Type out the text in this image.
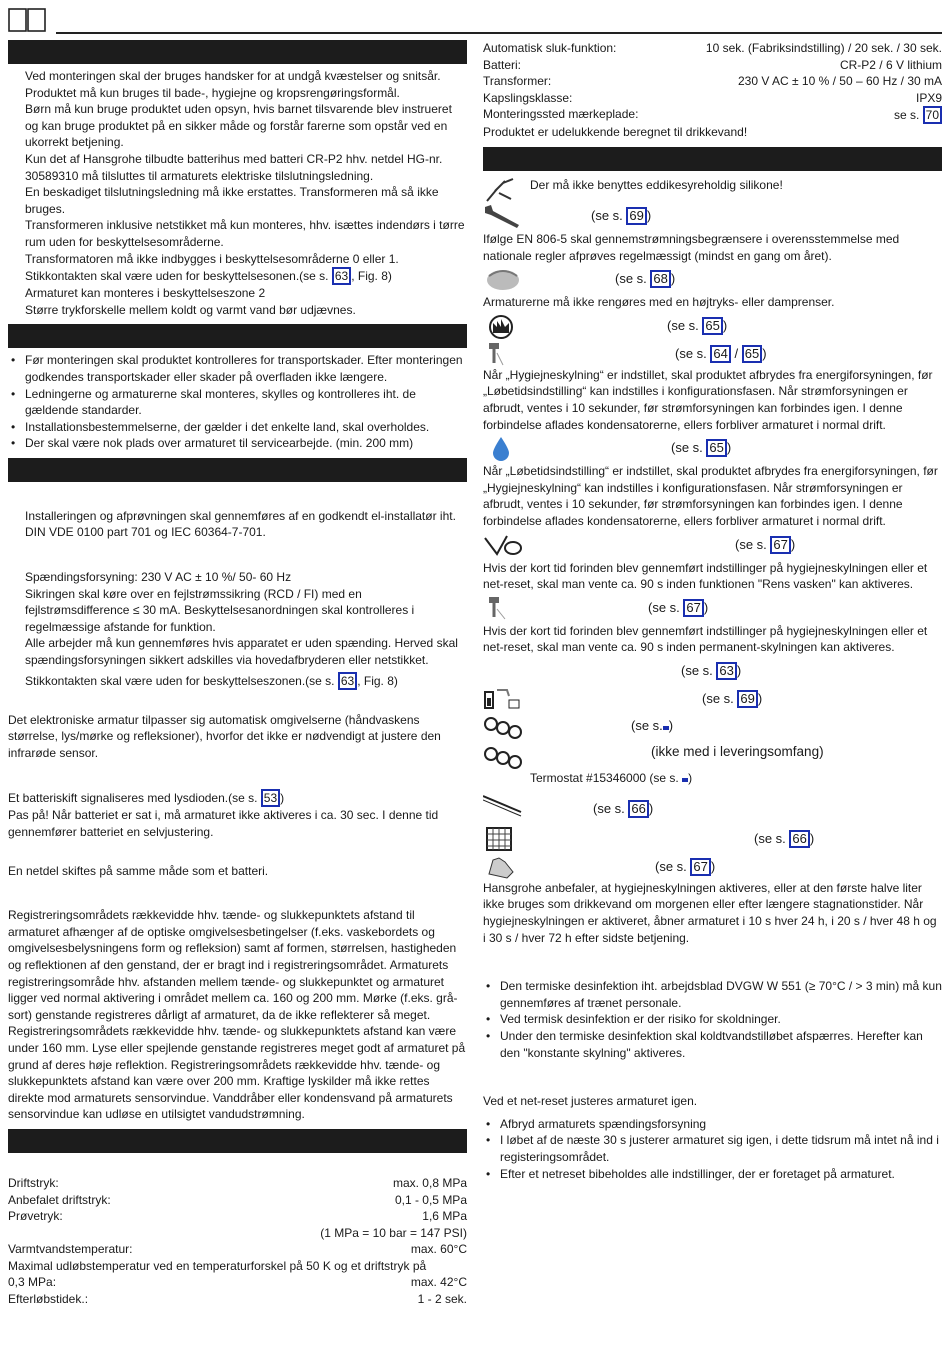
Ved monteringen skal der bruges handsker for at undgå kvæstelser og snitsår.

Produktet må kun bruges til bade-, hygiejne og kropsrengøringsformål.

Børn må kun bruge produktet uden opsyn, hvis barnet tilsvarende blev instrueret og kan bruge produktet på en sikker måde og forstår farerne som opstår ved en ukorrekt betjening.

Kun det af Hansgrohe tilbudte batterihus med batteri CR-P2 hhv. netdel HG-nr. 30589310 må tilsluttes til armaturets elektriske tilslutningsledning.

En beskadiget tilslutningsledning må ikke erstattes. Transformeren må så ikke bruges.

Transformeren inklusive netstikket må kun monteres, hhv. isættes indendørs i tørre rum uden for beskyttelsesområderne.

Transformatoren må ikke indbygges i beskyttelsesområderne 0 eller 1.

Stikkontakten skal være uden for beskyttelsesonen.(se s. 63 , Fig. 8)

Armaturet kan monteres i beskyttelseszone 2

Større trykforskelle mellem koldt og varmt vand bør udjævnes.

• Før monteringen skal produktet kontrolleres for transportskader. Efter monteringen godkendes transportskader eller skader på overfladen ikke længere.
• Ledningerne og armaturerne skal monteres, skylles og kontrolleres iht. de gældende standarder.
• Installationsbestemmelserne, der gælder i det enkelte land, skal overholdes.
• Der skal være nok plads over armaturet til servicearbejde. (min. 200 mm)

Installeringen og afprøvningen skal gennemføres af en godkendt el-installatør iht. DIN VDE 0100 part 701 og IEC 60364-7-701.

Spændingsforsyning: 230 V AC ± 10 %/ 50- 60 Hz

Sikringen skal køre over en fejlstrømssikring (RCD / FI) med en fejlstrømsdifference ≤ 30 mA. Beskyttelsesanordningen skal kontrolleres i regelmæssige afstande for funktion.

Alle arbejder må kun gennemføres hvis apparatet er uden spænding. Herved skal spændingsforsyningen sikkert adskilles via hovedafbryderen eller netstikket.

Stikkontakten skal være uden for beskyttelseszonen.(se s. 63 , Fig. 8)

Det elektroniske armatur tilpasser sig automatisk omgivelserne (håndvaskens størrelse, lys/mørke og refleksioner), hvorfor det ikke er nødvendigt at justere den infrarøde sensor.

Et batteriskift signaliseres med lysdioden.(se s. 53 )

Pas på! Når batteriet er sat i, må armaturet ikke aktiveres i ca. 30 sec. I denne tid gennemfører batteriet en selvjustering.

En netdel skiftes på samme måde som et batteri.

Registreringsområdets rækkevidde hhv. tænde- og slukkepunktets afstand til armaturet afhænger af de optiske omgivelsesbetingelser (f.eks. vaskebordets og omgivelsesbelysningens form og refleksion) samt af formen, størrelsen, hastigheden og reflektionen af den genstand, der er bragt ind i registreringsområdet. Armaturets registreringsområde hhv. afstanden mellem tænde- og slukkepunktet og armaturet ligger ved normal aktivering i området mellem ca. 160 og 200 mm. Mørke (f.eks. grå-sort) genstande registreres dårligt af armaturet, da de ikke reflekterer så meget. Registreringsområdets rækkevidde hhv. tænde- og slukkepunktets afstand kan være under 160 mm. Lyse eller spejlende genstande registreres meget godt af armaturet på grund af deres høje reflektion. Registreringsområdets rækkevidde hhv. tænde- og slukkepunktets afstand kan være over 200 mm. Kraftige lyskilder må ikke rettes direkte mod armaturets sensorvindue. Vanddråber eller kondensvand på armaturets sensorvindue kan udløse en utilsigtet vandudstrømning.

Driftstryk:	max. 0,8 MPa
Anbefalet driftstryk:	0,1 - 0,5 MPa
Prøvetryk:	1,6 MPa
(1 MPa = 10 bar = 147 PSI)
Varmtvandstemperatur:	max. 60°C

Maximal udløbstemperatur ved en temperaturforskel på 50 K og et driftstryk på

0,3 MPa:	max. 42°C
Efterløbstidek.:	1 - 2 sek.
Automatisk sluk-funktion:	10 sek. (Fabriksindstilling) / 20 sek. / 30 sek.
Batteri:	CR-P2 / 6 V lithium
Transformer:	230 V AC ± 10 % / 50 – 60 Hz / 30 mA
Kapslingsklasse:	IPX9
Monteringssted mærkeplade:	se s. 70

Produktet er udelukkende beregnet til drikkevand!

Der må ikke benyttes eddikesyreholdig silikone!
(se s. 69 )

Ifølge EN 806-5 skal gennemstrømningsbegrænsere i overensstemmelse med nationale regler afprøves regelmæssigt (mindst en gang om året).

(se s. 68 )

Armaturerne må ikke rengøres med en højtryks- eller damprenser.

(se s. 65 )
(se s. 64 / 65 )

Når „Hygiejneskylning“ er indstillet, skal produktet afbrydes fra energiforsyningen, før „Løbetidsindstilling“ kan indstilles i konfigurationsfasen. Når strømforsyningen er afbrudt, ventes i 10 sekunder, før strømforsyningen kan forbindes igen. I denne forbindelse aflades kondensatorerne, ellers forbliver armaturet i normal drift.

(se s. 65 )

Når „Løbetidsindstilling“ er indstillet, skal produktet afbrydes fra energiforsyningen, før „Hygiejneskylning“ kan indstilles i konfigurationsfasen. Når strømforsyningen er afbrudt, ventes i 10 sekunder, før strømforsyningen kan forbindes igen. I denne forbindelse aflades kondensatorerne, ellers forbliver armaturet i normal drift.

(se s. 67 )

Hvis der kort tid forinden blev gennemført indstillinger på hygiejneskylningen eller et net-reset, skal man vente ca. 90 s inden funktionen "Rens vasken" kan aktiveres.

(se s. 67 )

Hvis der kort tid forinden blev gennemført indstillinger på hygiejneskylningen eller et net-reset, skal man vente ca. 90 s inden permanent-skylningen kan aktiveres.

(se s. 63 )
(se s. 69 )
(se s. )
(ikke med i leveringsomfang)
Termostat #15346000 (se s. )
(se s. 66 )
(se s. 66 )
(se s. 67 )

Hansgrohe anbefaler, at hygiejneskylningen aktiveres, eller at den første halve liter ikke bruges som drikkevand om morgenen eller efter længere stagnationstider. Når hygiejneskylningen er aktiveret, åbner armaturet i 10 s hver 24 h, i 20 s / hver 48 h og i 30 s / hver 72 h efter sidste betjening.

• Den termiske desinfektion iht. arbejdsblad DVGW W 551 (≥ 70°C / > 3 min) må kun gennemføres af trænet personale.
• Ved termisk desinfektion er der risiko for skoldninger.
• Under den termiske desinfektion skal koldtvandstilløbet afspærres. Herefter kan den "konstante skylning" aktiveres.

Ved et net-reset justeres armaturet igen.

• Afbryd armaturets spændingsforsyning
• I løbet af de næste 30 s justerer armaturet sig igen, i dette tidsrum må intet nå ind i registeringsområdet.
• Efter et netreset bibeholdes alle indstillinger, der er foretaget på armaturet.
